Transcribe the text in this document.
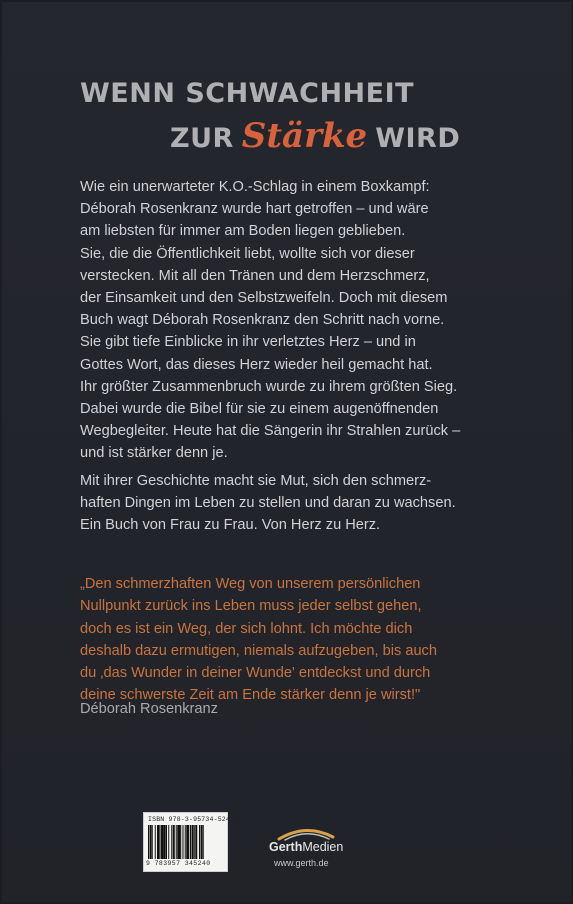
WENN SCHWACHHEIT
ZUR Stärke WIRD
Wie ein unerwarteter K.O.-Schlag in einem Boxkampf:
Déborah Rosenkranz wurde hart getroffen – und wäre
am liebsten für immer am Boden liegen geblieben.
Sie, die die Öffentlichkeit liebt, wollte sich vor dieser
verstecken. Mit all den Tränen und dem Herzschmerz,
der Einsamkeit und den Selbstzweifeln. Doch mit diesem
Buch wagt Déborah Rosenkranz den Schritt nach vorne.
Sie gibt tiefe Einblicke in ihr verletztes Herz – und in
Gottes Wort, das dieses Herz wieder heil gemacht hat.
Ihr größter Zusammenbruch wurde zu ihrem größten Sieg.
Dabei wurde die Bibel für sie zu einem augenöffnenden
Wegbegleiter. Heute hat die Sängerin ihr Strahlen zurück –
und ist stärker denn je.
Mit ihrer Geschichte macht sie Mut, sich den schmerz-
haften Dingen im Leben zu stellen und daran zu wachsen.
Ein Buch von Frau zu Frau. Von Herz zu Herz.
„Den schmerzhaften Weg von unserem persönlichen
Nullpunkt zurück ins Leben muss jeder selbst gehen,
doch es ist ein Weg, der sich lohnt. Ich möchte dich
deshalb dazu ermutigen, niemals aufzugeben, bis auch
du ‚das Wunder in deiner Wunde' entdeckst und durch
deine schwerste Zeit am Ende stärker denn je wirst!"
Déborah Rosenkranz
ISBN 978-3-95734-524-0
9 783957 345240
GerthMedien
www.gerth.de
